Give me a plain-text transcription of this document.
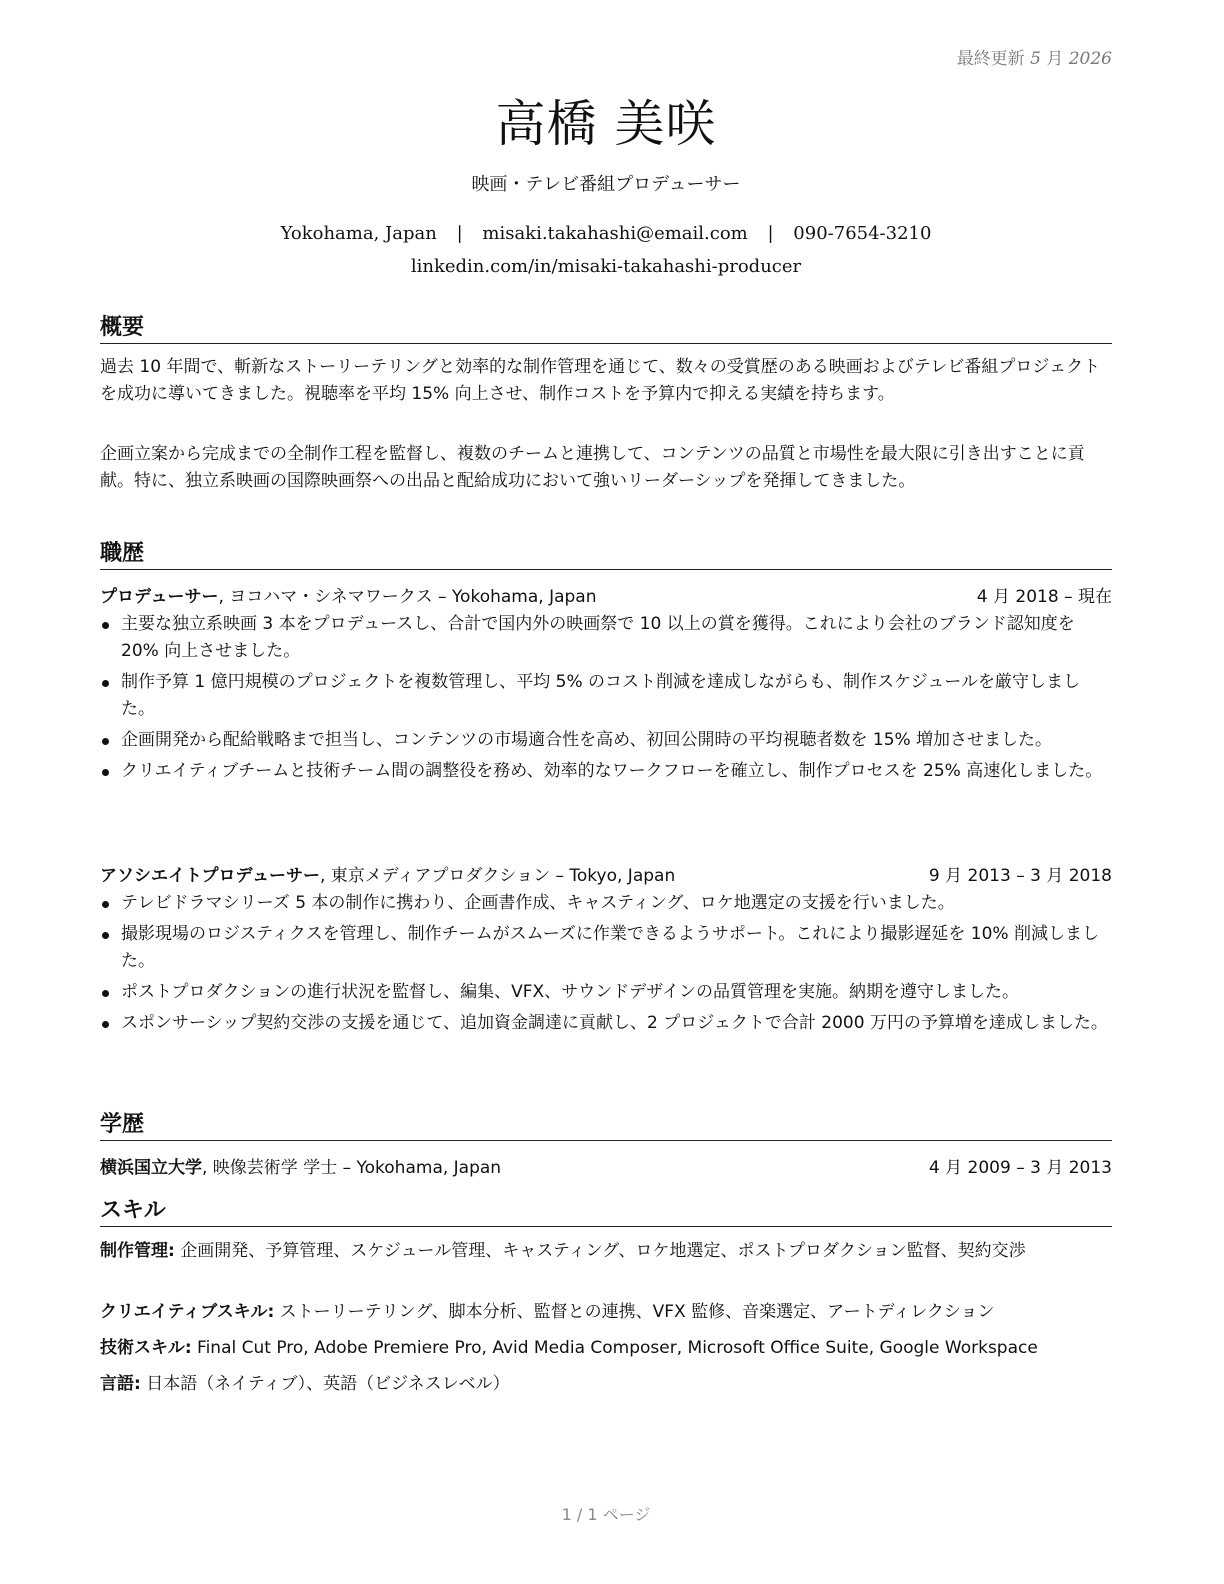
最終更新 5 月 2026
高橋 美咲
映画・テレビ番組プロデューサー
Yokohama, Japan | misaki.takahashi@email.com | 090-7654-3210
linkedin.com/in/misaki-takahashi-producer
概要

過去 10 年間で、斬新なストーリーテリングと効率的な制作管理を通じて、数々の受賞歴のある映画およびテレビ番組プロジェクトを成功に導いてきました。視聴率を平均 15% 向上させ、制作コストを予算内で抑える実績を持ちます。

企画立案から完成までの全制作工程を監督し、複数のチームと連携して、コンテンツの品質と市場性を最大限に引き出すことに貢献。特に、独立系映画の国際映画祭への出品と配給成功において強いリーダーシップを発揮してきました。

職歴
プロデューサー, ヨコハマ・シネマワークス – Yokohama, Japan	4 月 2018 – 現在
主要な独立系映画 3 本をプロデュースし、合計で国内外の映画祭で 10 以上の賞を獲得。これにより会社のブランド認知度を 20% 向上させました。
制作予算 1 億円規模のプロジェクトを複数管理し、平均 5% のコスト削減を達成しながらも、制作スケジュールを厳守しました。
企画開発から配給戦略まで担当し、コンテンツの市場適合性を高め、初回公開時の平均視聴者数を 15% 増加させました。
クリエイティブチームと技術チーム間の調整役を務め、効率的なワークフローを確立し、制作プロセスを 25% 高速化しました。
アソシエイトプロデューサー, 東京メディアプロダクション – Tokyo, Japan	9 月 2013 – 3 月 2018
テレビドラマシリーズ 5 本の制作に携わり、企画書作成、キャスティング、ロケ地選定の支援を行いました。
撮影現場のロジスティクスを管理し、制作チームがスムーズに作業できるようサポート。これにより撮影遅延を 10% 削減しました。
ポストプロダクションの進行状況を監督し、編集、VFX、サウンドデザインの品質管理を実施。納期を遵守しました。
スポンサーシップ契約交渉の支援を通じて、追加資金調達に貢献し、2 プロジェクトで合計 2000 万円の予算増を達成しました。
学歴
横浜国立大学, 映像芸術学 学士 – Yokohama, Japan	4 月 2009 – 3 月 2013
スキル
制作管理: 企画開発、予算管理、スケジュール管理、キャスティング、ロケ地選定、ポストプロダクション監督、契約交渉
クリエイティブスキル: ストーリーテリング、脚本分析、監督との連携、VFX 監修、音楽選定、アートディレクション
技術スキル: Final Cut Pro, Adobe Premiere Pro, Avid Media Composer, Microsoft Office Suite, Google Workspace
言語: 日本語（ネイティブ）、英語（ビジネスレベル）
1 / 1 ページ
